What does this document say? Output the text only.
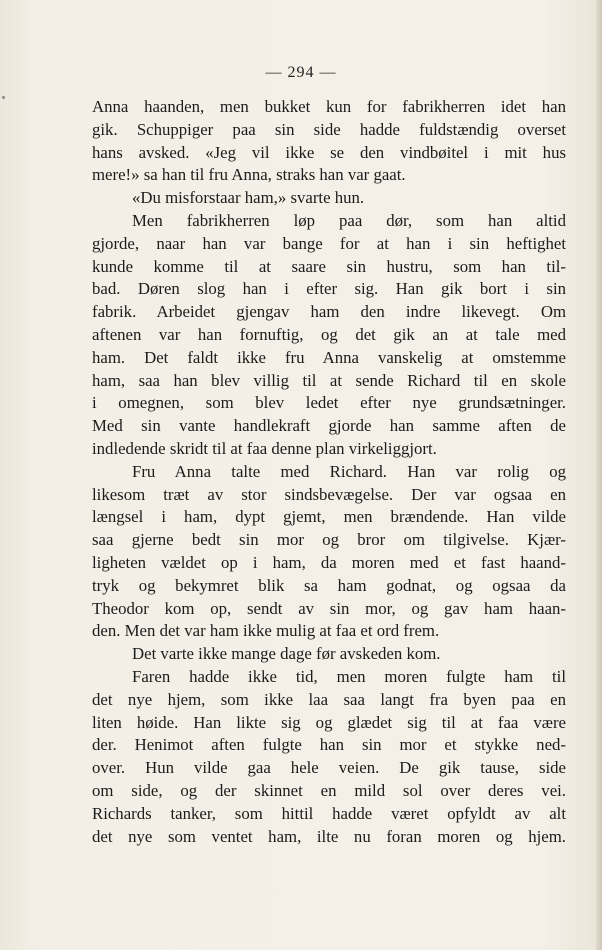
— 294 —
Anna haanden, men bukket kun for fabrikherren idet han
gik. Schuppiger paa sin side hadde fuldstændig overset
hans avsked. «Jeg vil ikke se den vindbøitel i mit hus
mere!» sa han til fru Anna, straks han var gaat.
«Du misforstaar ham,» svarte hun.
Men fabrikherren løp paa dør, som han altid
gjorde, naar han var bange for at han i sin heftighet
kunde komme til at saare sin hustru, som han til-
bad. Døren slog han i efter sig. Han gik bort i sin
fabrik. Arbeidet gjengav ham den indre likevegt. Om
aftenen var han fornuftig, og det gik an at tale med
ham. Det faldt ikke fru Anna vanskelig at omstemme
ham, saa han blev villig til at sende Richard til en skole
i omegnen, som blev ledet efter nye grundsætninger.
Med sin vante handlekraft gjorde han samme aften de
indledende skridt til at faa denne plan virkeliggjort.
Fru Anna talte med Richard. Han var rolig og
likesom træt av stor sindsbevægelse. Der var ogsaa en
længsel i ham, dypt gjemt, men brændende. Han vilde
saa gjerne bedt sin mor og bror om tilgivelse. Kjær-
ligheten vældet op i ham, da moren med et fast haand-
tryk og bekymret blik sa ham godnat, og ogsaa da
Theodor kom op, sendt av sin mor, og gav ham haan-
den. Men det var ham ikke mulig at faa et ord frem.
Det varte ikke mange dage før avskeden kom.
Faren hadde ikke tid, men moren fulgte ham til
det nye hjem, som ikke laa saa langt fra byen paa en
liten høide. Han likte sig og glædet sig til at faa være
der. Henimot aften fulgte han sin mor et stykke ned-
over. Hun vilde gaa hele veien. De gik tause, side
om side, og der skinnet en mild sol over deres vei.
Richards tanker, som hittil hadde været opfyldt av alt
det nye som ventet ham, ilte nu foran moren og hjem.
